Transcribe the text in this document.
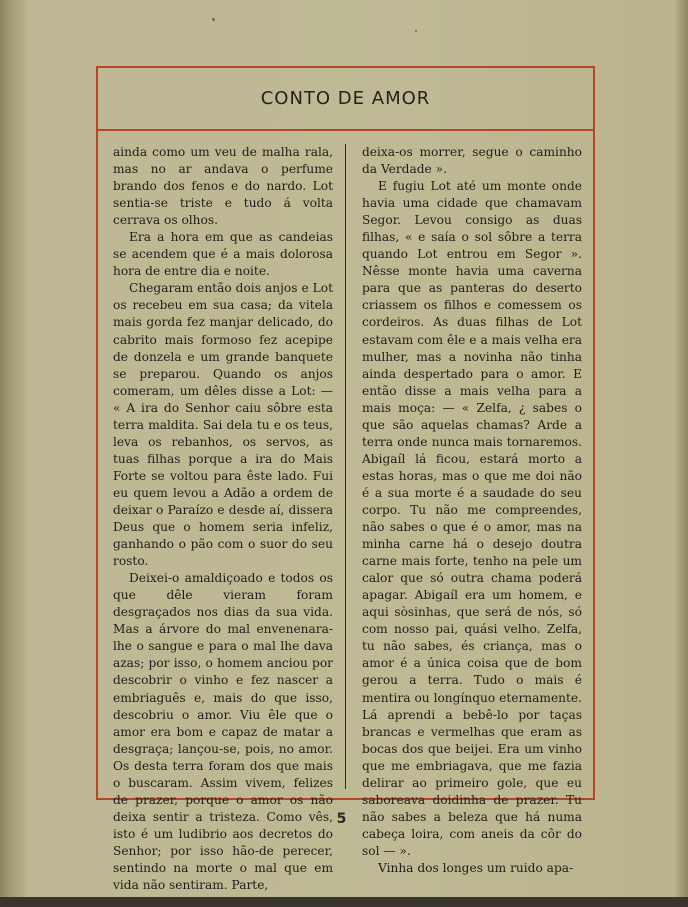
CONTO DE AMOR

ainda como um veu de malha rala, mas no ar andava o perfume brando dos fenos e do nardo. Lot sentia-se triste e tudo á volta cerrava os olhos.

Era a hora em que as candeias se acendem que é a mais dolorosa hora de entre dia e noite.

Chegaram então dois anjos e Lot os recebeu em sua casa; da vitela mais gorda fez manjar delicado, do cabrito mais formoso fez acepipe de donzela e um grande banquete se preparou. Quando os anjos comeram, um dêles disse a Lot: — « A ira do Senhor caiu sôbre esta terra maldita. Sai dela tu e os teus, leva os rebanhos, os servos, as tuas filhas porque a ira do Mais Forte se voltou para êste lado. Fui eu quem levou a Adão a ordem de deixar o Paraízo e desde aí, dissera Deus que o homem seria infeliz, ganhando o pão com o suor do seu rosto.

Deixei-o amaldiçoado e todos os que dêle vieram foram desgraçados nos dias da sua vida. Mas a árvore do mal envenenara-lhe o sangue e para o mal lhe dava azas; por isso, o homem anciou por descobrir o vinho e fez nascer a embriaguês e, mais do que isso, descobriu o amor. Viu êle que o amor era bom e capaz de matar a desgraça; lançou-se, pois, no amor. Os desta terra foram dos que mais o buscaram. Assim vivem, felizes de prazer, porque o amor os não deixa sentir a tristeza. Como vês, isto é um ludibrio aos decretos do Senhor; por isso hão-de perecer, sentindo na morte o mal que em vida não sentiram. Parte,

deixa-os morrer, segue o caminho da Verdade ».

E fugiu Lot até um monte onde havia uma cidade que chamavam Segor. Levou consigo as duas filhas, « e saía o sol sôbre a terra quando Lot entrou em Segor ». Nêsse monte havia uma caverna para que as panteras do deserto criassem os filhos e comessem os cordeiros. As duas filhas de Lot estavam com êle e a mais velha era mulher, mas a novinha não tinha ainda despertado para o amor. E então disse a mais velha para a mais moça: — « Zelfa, ¿ sabes o que são aquelas chamas? Arde a terra onde nunca mais tornaremos. Abigaíl lá ficou, estará morto a estas horas, mas o que me doi não é a sua morte é a saudade do seu corpo. Tu não me compreendes, não sabes o que é o amor, mas na minha carne há o desejo doutra carne mais forte, tenho na pele um calor que só outra chama poderá apagar. Abigaíl era um homem, e aqui sòsinhas, que será de nós, só com nosso pai, quási velho. Zelfa, tu não sabes, és criança, mas o amor é a única coisa que de bom gerou a terra. Tudo o mais é mentira ou longínquo eternamente. Lá aprendi a bebê-lo por taças brancas e vermelhas que eram as bocas dos que beijei. Era um vinho que me embriagava, que me fazia delirar ao primeiro gole, que eu saboreava doidinha de prazer. Tu não sabes a beleza que há numa cabeça loira, com aneis da côr do sol — ».

Vinha dos longes um ruido apa-

5
